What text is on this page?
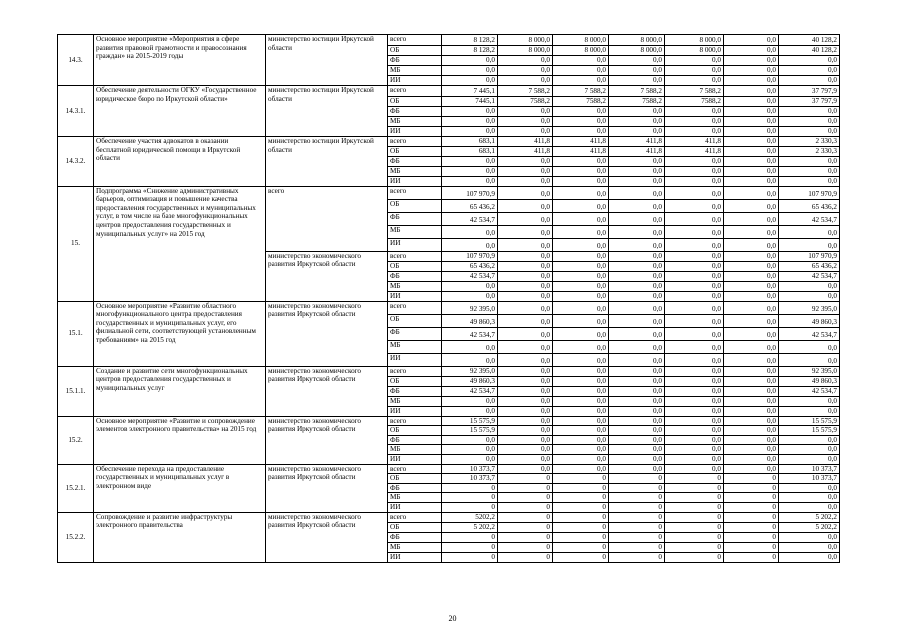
14.3.	Основное мероприятие «Мероприятия в сфере развития правовой грамотности и правосознания граждан» на 2015-2019 годы	министерство юстиции Иркутской области	всего	8 128,2	8 000,0	8 000,0	8 000,0	8 000,0	0,0	40 128,2
			ОБ	8 128,2	8 000,0	8 000,0	8 000,0	8 000,0	0,0	40 128,2
			ФБ	0,0	0,0	0,0	0,0	0,0	0,0	0,0
			МБ	0,0	0,0	0,0	0,0	0,0	0,0	0,0
			ИИ	0,0	0,0	0,0	0,0	0,0	0,0	0,0
14.3.1.	Обеспечение деятельности ОГКУ «Государственное юридическое бюро по Иркутской области»	министерство юстиции Иркутской области	всего	7 445,1	7 588,2	7 588,2	7 588,2	7 588,2	0,0	37 797,9
			ОБ	7445,1	7588,2	7588,2	7588,2	7588,2	0,0	37 797,9
			ФБ	0,0	0,0	0,0	0,0	0,0	0,0	0,0
			МБ	0,0	0,0	0,0	0,0	0,0	0,0	0,0
			ИИ	0,0	0,0	0,0	0,0	0,0	0,0	0,0
14.3.2.	Обеспечение участия адвокатов в оказании бесплатной юридической помощи в Иркутской области	министерство юстиции Иркутской области	всего	683,1	411,8	411,8	411,8	411,8	0,0	2 330,3
			ОБ	683,1	411,8	411,8	411,8	411,8	0,0	2 330,3
			ФБ	0,0	0,0	0,0	0,0	0,0	0,0	0,0
			МБ	0,0	0,0	0,0	0,0	0,0	0,0	0,0
			ИИ	0,0	0,0	0,0	0,0	0,0	0,0	0,0
15.	Подпрограмма «Снижение административных барьеров, оптимизация и повышение качества предоставления государственных и муниципальных услуг, в том числе на базе многофункциональных центров предоставления государственных и муниципальных услуг» на 2015 год	всего	всего	107 970,9	0,0	0,0	0,0	0,0	0,0	107 970,9
			ОБ	65 436,2	0,0	0,0	0,0	0,0	0,0	65 436,2
			ФБ	42 534,7	0,0	0,0	0,0	0,0	0,0	42 534,7
			МБ	0,0	0,0	0,0	0,0	0,0	0,0	0,0
			ИИ	0,0	0,0	0,0	0,0	0,0	0,0	0,0
		министерство экономического развития Иркутской области	всего	107 970,9	0,0	0,0	0,0	0,0	0,0	107 970,9
			ОБ	65 436,2	0,0	0,0	0,0	0,0	0,0	65 436,2
			ФБ	42 534,7	0,0	0,0	0,0	0,0	0,0	42 534,7
			МБ	0,0	0,0	0,0	0,0	0,0	0,0	0,0
			ИИ	0,0	0,0	0,0	0,0	0,0	0,0	0,0
15.1.	Основное мероприятие «Развитие областного многофункционального центра предоставления государственных и муниципальных услуг, его филиальной сети, соответствующей установленным требованиям» на 2015 год	министерство экономического развития Иркутской области	всего	92 395,0	0,0	0,0	0,0	0,0	0,0	92 395,0
			ОБ	49 860,3	0,0	0,0	0,0	0,0	0,0	49 860,3
			ФБ	42 534,7	0,0	0,0	0,0	0,0	0,0	42 534,7
			МБ	0,0	0,0	0,0	0,0	0,0	0,0	0,0
			ИИ	0,0	0,0	0,0	0,0	0,0	0,0	0,0
15.1.1.	Создание и развитие сети многофункциональных центров предоставления государственных и муниципальных услуг	министерство экономического развития Иркутской области	всего	92 395,0	0,0	0,0	0,0	0,0	0,0	92 395,0
			ОБ	49 860,3	0,0	0,0	0,0	0,0	0,0	49 860,3
			ФБ	42 534,7	0,0	0,0	0,0	0,0	0,0	42 534,7
			МБ	0,0	0,0	0,0	0,0	0,0	0,0	0,0
			ИИ	0,0	0,0	0,0	0,0	0,0	0,0	0,0
15.2.	Основное мероприятие «Развитие и сопровождение элементов электронного правительства» на 2015 год	министерство экономического развития Иркутской области	всего	15 575,9	0,0	0,0	0,0	0,0	0,0	15 575,9
			ОБ	15 575,9	0,0	0,0	0,0	0,0	0,0	15 575,9
			ФБ	0,0	0,0	0,0	0,0	0,0	0,0	0,0
			МБ	0,0	0,0	0,0	0,0	0,0	0,0	0,0
			ИИ	0,0	0,0	0,0	0,0	0,0	0,0	0,0
15.2.1.	Обеспечение перехода на предоставление государственных и муниципальных услуг в электронном виде	министерство экономического развития Иркутской области	всего	10 373,7	0,0	0,0	0,0	0,0	0,0	10 373,7
			ОБ	10 373,7	0	0	0	0	0	10 373,7
			ФБ	0	0	0	0	0	0	0,0
			МБ	0	0	0	0	0	0	0,0
			ИИ	0	0	0	0	0	0	0,0
15.2.2.	Сопровождение и развитие инфраструктуры электронного правительства	министерство экономического развития Иркутской области	всего	5202,2	0	0	0	0	0	5 202,2
			ОБ	5 202,2	0	0	0	0	0	5 202,2
			ФБ	0	0	0	0	0	0	0,0
			МБ	0	0	0	0	0	0	0,0
			ИИ	0	0	0	0	0	0	0,0
20
